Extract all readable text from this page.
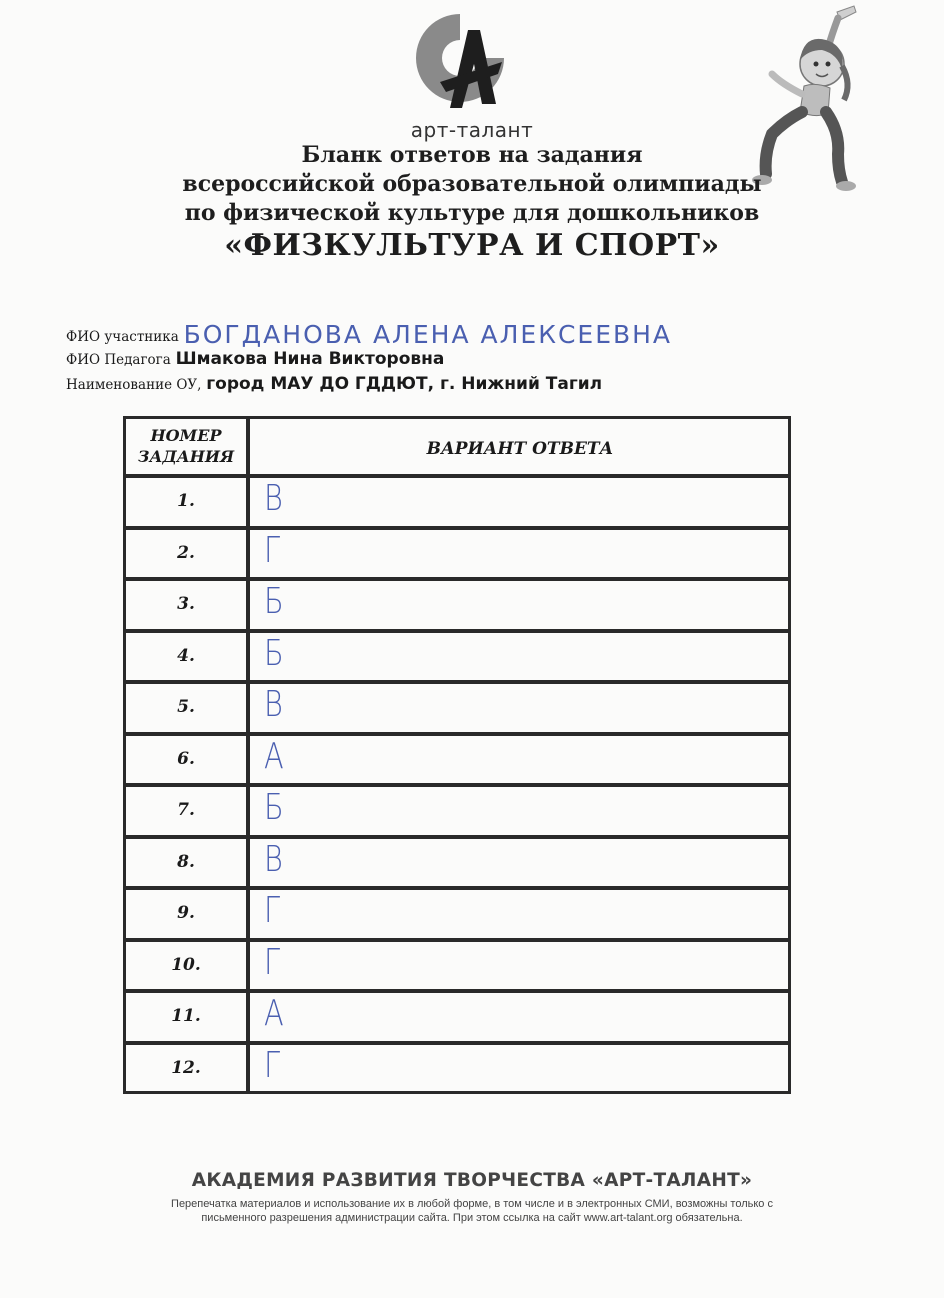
арт-талант
Бланк ответов на задания
всероссийской образовательной олимпиады
по физической культуре для дошкольников
«ФИЗКУЛЬТУРА И СПОРТ»
ФИО участника БОГДАНОВА АЛЕНА АЛЕКСЕЕВНА
ФИО Педагога Шмакова Нина Викторовна
Наименование ОУ, город МАУ ДО ГДДЮТ, г. Нижний Тагил
НОМЕР ЗАДАНИЯ	ВАРИАНТ ОТВЕТА
1.	В
2.	Г
3.	Б
4.	Б
5.	В
6.	А
7.	Б
8.	В
9.	Г
10.	Г
11.	А
12.	Г
АКАДЕМИЯ РАЗВИТИЯ ТВОРЧЕСТВА «АРТ-ТАЛАНТ»
Перепечатка материалов и использование их в любой форме, в том числе и в электронных СМИ, возможны только с
письменного разрешения администрации сайта. При этом ссылка на сайт www.art-talant.org обязательна.
